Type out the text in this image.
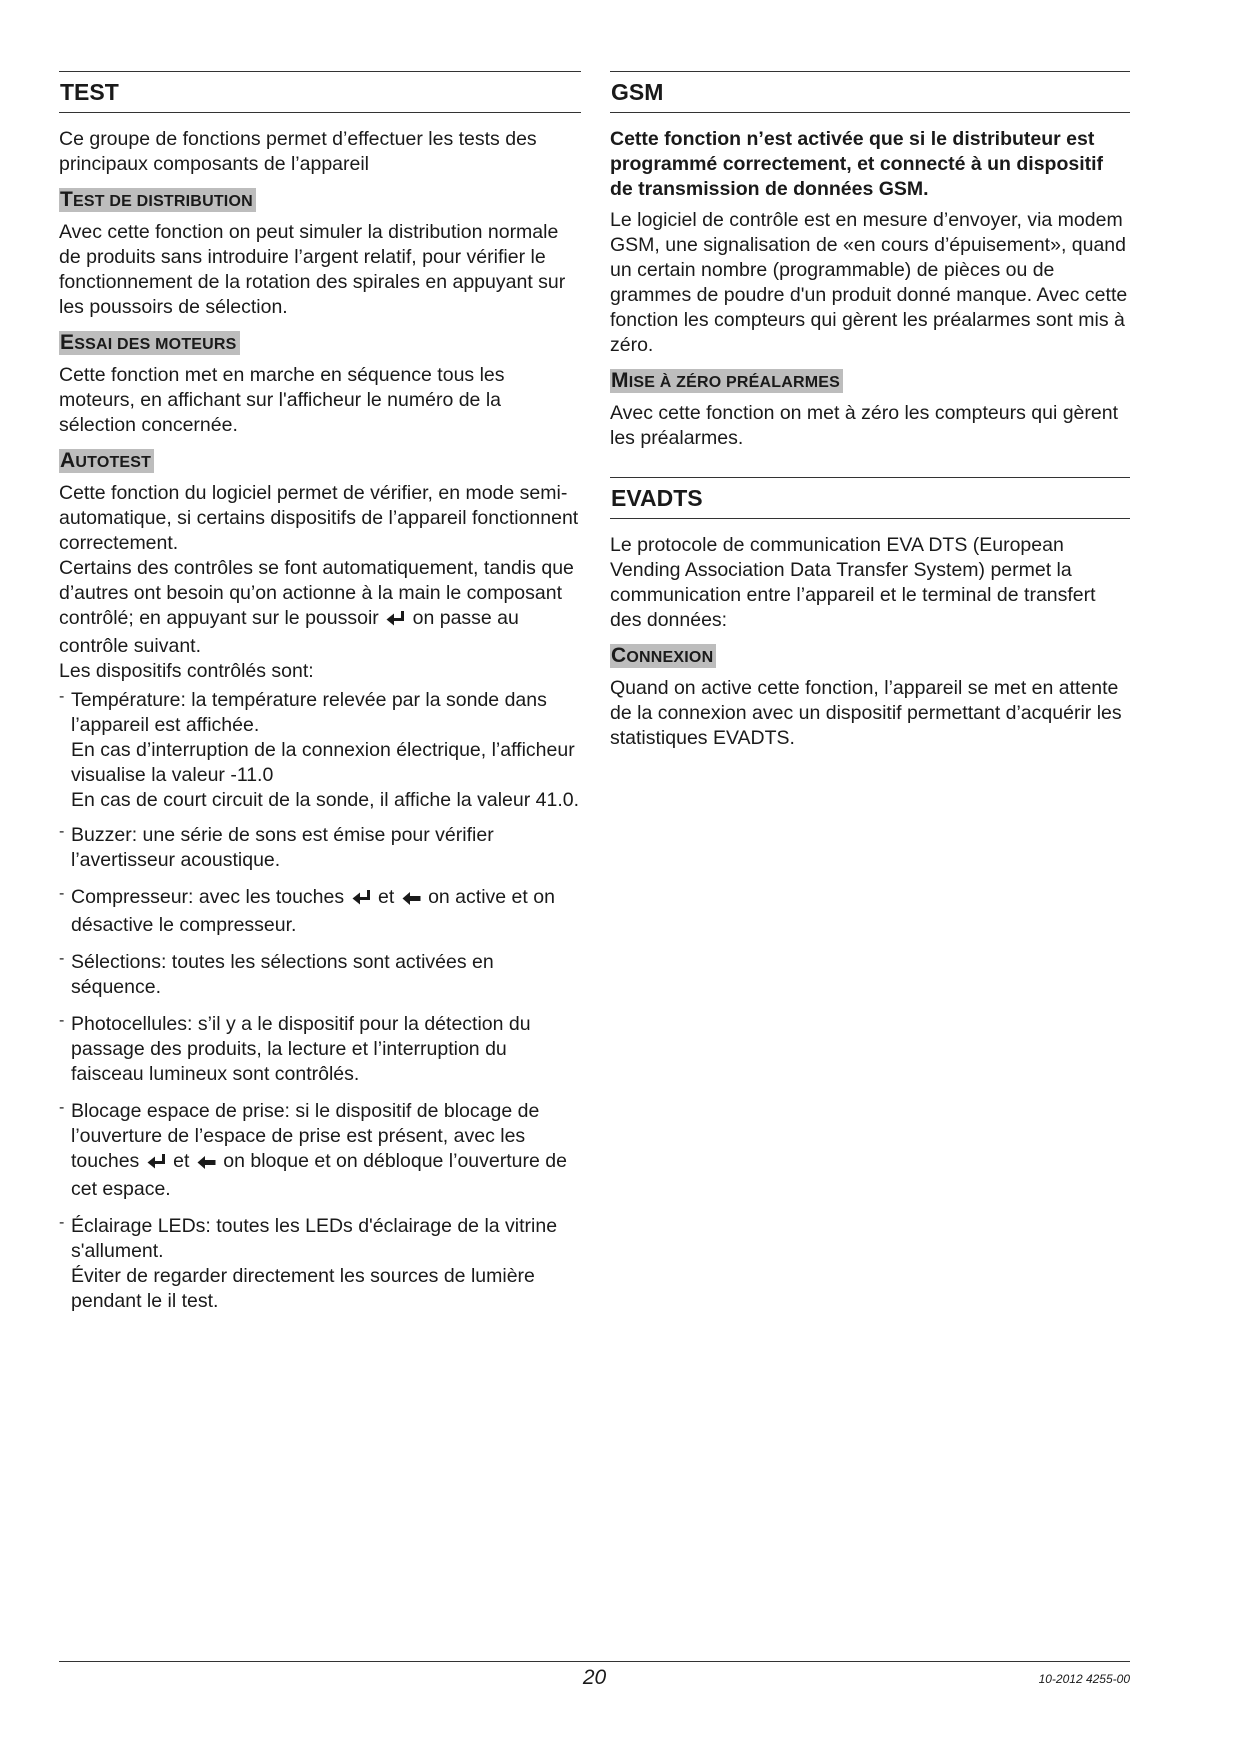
TEST

Ce groupe de fonctions permet d’effectuer les tests des principaux composants de l’appareil

TEST DE DISTRIBUTION

Avec cette fonction on peut simuler la distribution normale de produits sans introduire l’argent relatif, pour vérifier le fonctionnement de la rotation des spirales en appuyant sur les poussoirs de sélection.

ESSAI DES MOTEURS

Cette fonction met en marche en séquence tous les moteurs, en affichant sur l'afficheur le numéro de la sélection concernée.

AUTOTEST

Cette fonction du logiciel permet de vérifier, en mode semi-automatique, si certains dispositifs de l’appareil fonctionnent correctement.

Certains des contrôles se font automatiquement, tandis que d’autres ont besoin qu’on actionne à la main le composant contrôlé; en appuyant sur le poussoir on passe au contrôle suivant.

Les dispositifs contrôlés sont:

- Température: la température relevée par la sonde dans l’appareil est affichée.

En cas d’interruption de la connexion électrique, l’afficheur visualise la valeur -11.0

En cas de court circuit de la sonde, il affiche la valeur 41.0.

- Buzzer: une série de sons est émise pour vérifier l’avertisseur acoustique.

- Compresseur: avec les touches et on active et on désactive le compresseur.

- Sélections: toutes les sélections sont activées en séquence.

- Photocellules: s’il y a le dispositif pour la détection du passage des produits, la lecture et l’interruption du faisceau lumineux sont contrôlés.

- Blocage espace de prise: si le dispositif de blocage de l’ouverture de l’espace de prise est présent, avec les touches et on bloque et on débloque l’ouverture de cet espace.

- Éclairage LEDs: toutes les LEDs d'éclairage de la vitrine s'allument.

Éviter de regarder directement les sources de lumière pendant le il test.

GSM

Cette fonction n’est activée que si le distributeur est programmé correctement, et connecté à un dispositif de transmission de données GSM.

Le logiciel de contrôle est en mesure d’envoyer, via modem GSM, une signalisation de «en cours d’épuisement», quand un certain nombre (programmable) de pièces ou de grammes de poudre d'un produit donné manque. Avec cette fonction les compteurs qui gèrent les préalarmes sont mis à zéro.

MISE À ZÉRO PRÉALARMES

Avec cette fonction on met à zéro les compteurs qui gèrent les préalarmes.

EVADTS

Le protocole de communication EVA DTS (European Vending Association Data Transfer System) permet la communication entre l’appareil et le terminal de transfert des données:

CONNEXION

Quand on active cette fonction, l’appareil se met en attente de la connexion avec un dispositif permettant d’acquérir les statistiques EVADTS.

20	10-2012 4255-00
